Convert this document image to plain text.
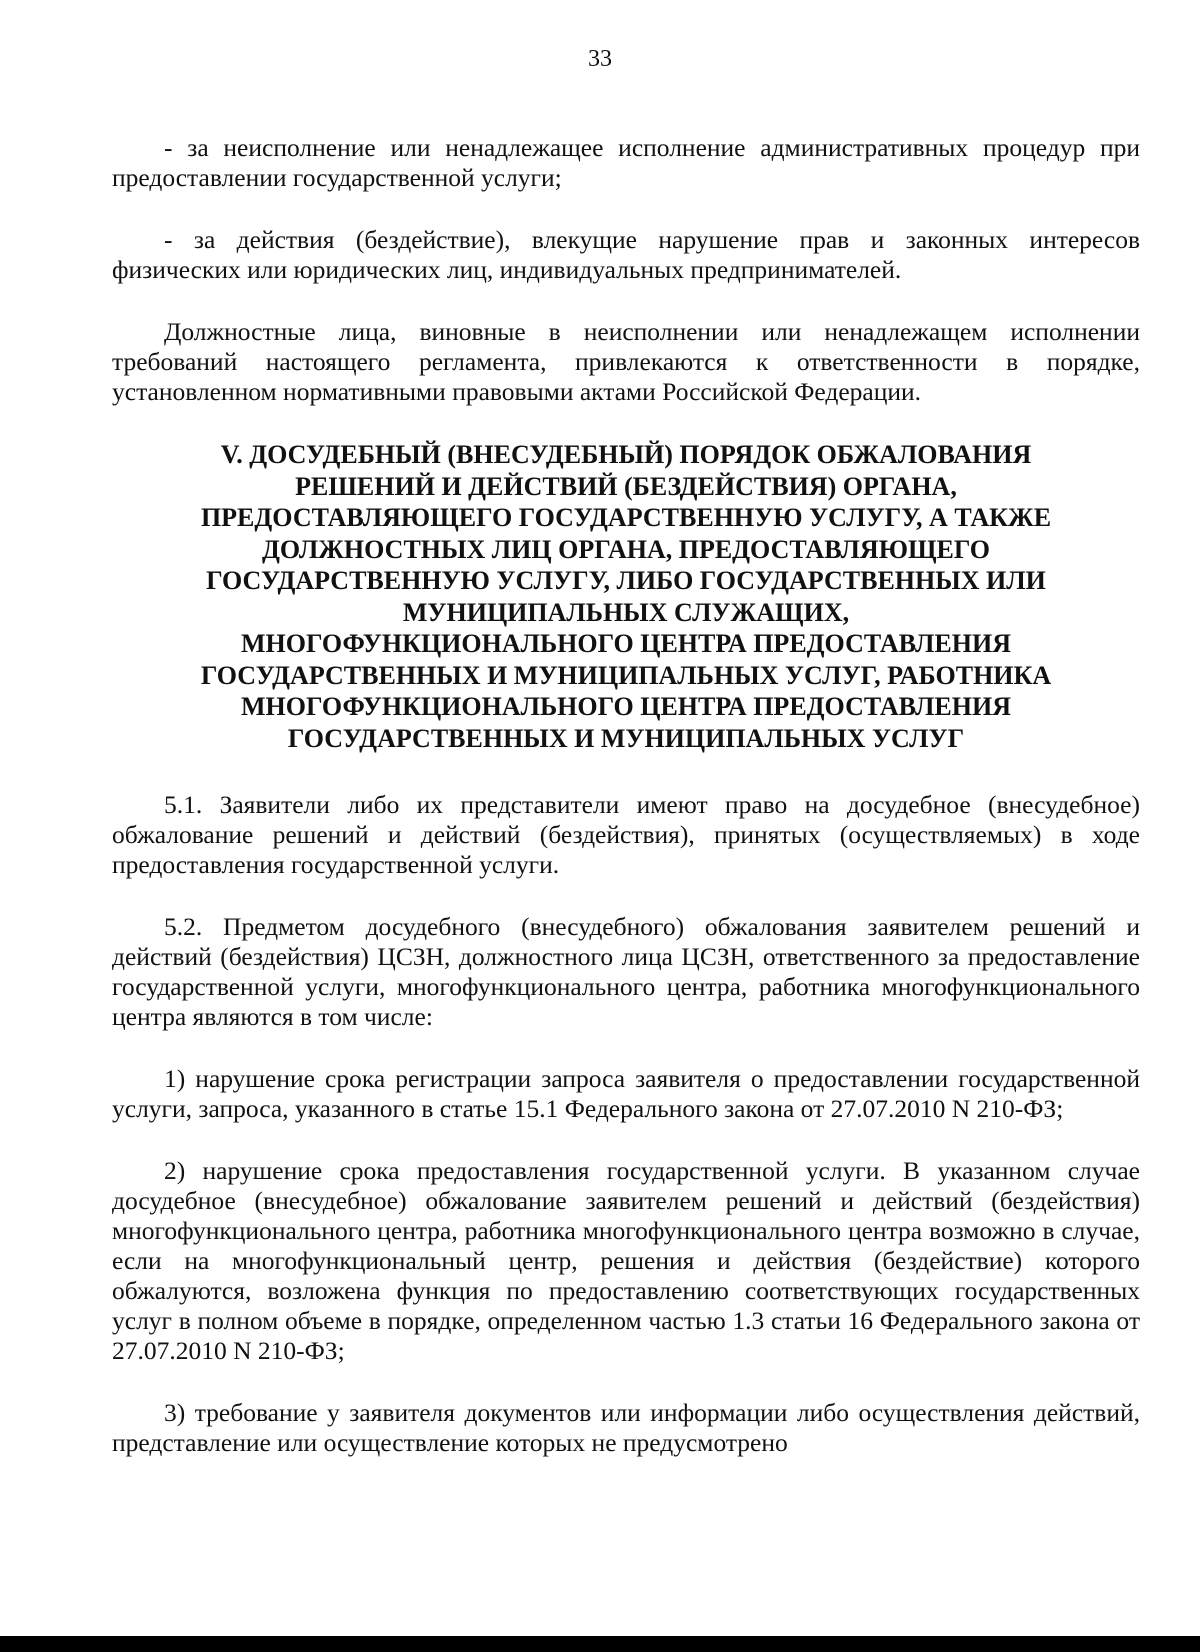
33

- за неисполнение или ненадлежащее исполнение административных процедур при предоставлении государственной услуги;

- за действия (бездействие), влекущие нарушение прав и законных интересов физических или юридических лиц, индивидуальных предпринимателей.

Должностные лица, виновные в неисполнении или ненадлежащем исполнении требований настоящего регламента, привлекаются к ответственности в порядке, установленном нормативными правовыми актами Российской Федерации.

V. ДОСУДЕБНЫЙ (ВНЕСУДЕБНЫЙ) ПОРЯДОК ОБЖАЛОВАНИЯ
РЕШЕНИЙ И ДЕЙСТВИЙ (БЕЗДЕЙСТВИЯ) ОРГАНА,
ПРЕДОСТАВЛЯЮЩЕГО ГОСУДАРСТВЕННУЮ УСЛУГУ, А ТАКЖЕ
ДОЛЖНОСТНЫХ ЛИЦ ОРГАНА, ПРЕДОСТАВЛЯЮЩЕГО
ГОСУДАРСТВЕННУЮ УСЛУГУ, ЛИБО ГОСУДАРСТВЕННЫХ ИЛИ
МУНИЦИПАЛЬНЫХ СЛУЖАЩИХ,
МНОГОФУНКЦИОНАЛЬНОГО ЦЕНТРА ПРЕДОСТАВЛЕНИЯ
ГОСУДАРСТВЕННЫХ И МУНИЦИПАЛЬНЫХ УСЛУГ, РАБОТНИКА
МНОГОФУНКЦИОНАЛЬНОГО ЦЕНТРА ПРЕДОСТАВЛЕНИЯ
ГОСУДАРСТВЕННЫХ И МУНИЦИПАЛЬНЫХ УСЛУГ

5.1. Заявители либо их представители имеют право на досудебное (внесудебное) обжалование решений и действий (бездействия), принятых (осуществляемых) в ходе предоставления государственной услуги.

5.2. Предметом досудебного (внесудебного) обжалования заявителем решений и действий (бездействия) ЦСЗН, должностного лица ЦСЗН, ответственного за предоставление государственной услуги, многофункционального центра, работника многофункционального центра являются в том числе:

1) нарушение срока регистрации запроса заявителя о предоставлении государственной услуги, запроса, указанного в статье 15.1 Федерального закона от 27.07.2010 N 210-ФЗ;

2) нарушение срока предоставления государственной услуги. В указанном случае досудебное (внесудебное) обжалование заявителем решений и действий (бездействия) многофункционального центра, работника многофункционального центра возможно в случае, если на многофункциональный центр, решения и действия (бездействие) которого обжалуются, возложена функция по предоставлению соответствующих государственных услуг в полном объеме в порядке, определенном частью 1.3 статьи 16 Федерального закона от 27.07.2010 N 210-ФЗ;

3) требование у заявителя документов или информации либо осуществления действий, представление или осуществление которых не предусмотрено
